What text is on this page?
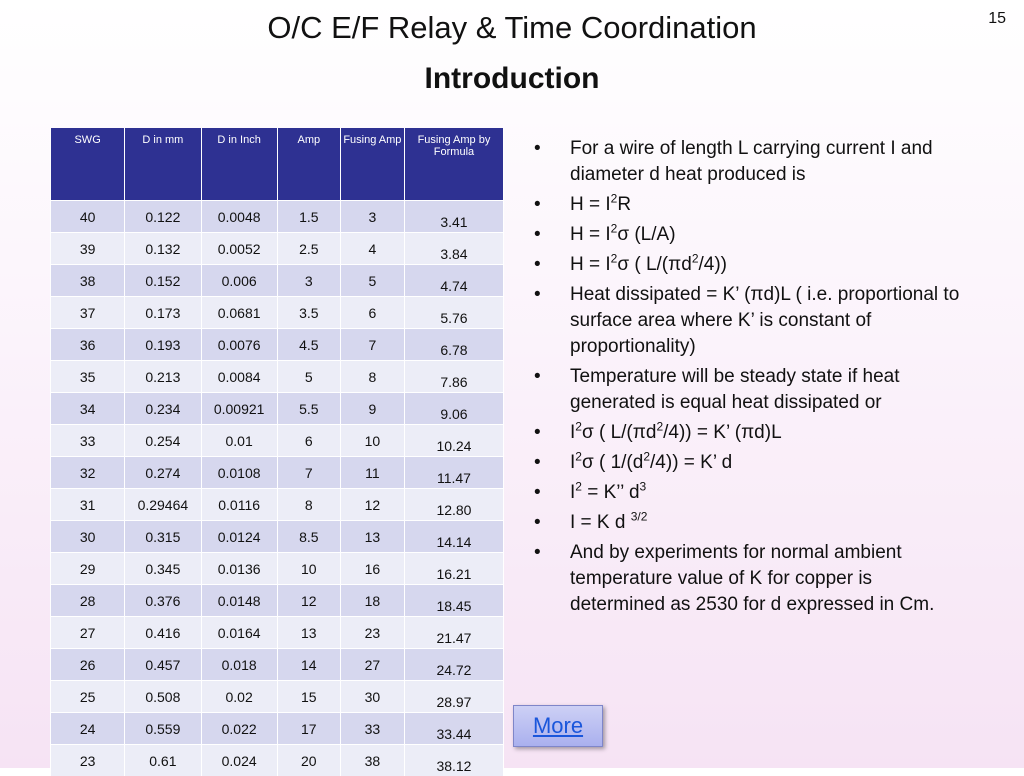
15
O/C E/F Relay & Time Coordination
Introduction
SWG	D in mm	D in Inch	Amp	Fusing Amp	Fusing Amp by Formula
40	0.122	0.0048	1.5	3	3.41
39	0.132	0.0052	2.5	4	3.84
38	0.152	0.006	3	5	4.74
37	0.173	0.0681	3.5	6	5.76
36	0.193	0.0076	4.5	7	6.78
35	0.213	0.0084	5	8	7.86
34	0.234	0.00921	5.5	9	9.06
33	0.254	0.01	6	10	10.24
32	0.274	0.0108	7	11	11.47
31	0.29464	0.0116	8	12	12.80
30	0.315	0.0124	8.5	13	14.14
29	0.345	0.0136	10	16	16.21
28	0.376	0.0148	12	18	18.45
27	0.416	0.0164	13	23	21.47
26	0.457	0.018	14	27	24.72
25	0.508	0.02	15	30	28.97
24	0.559	0.022	17	33	33.44
23	0.61	0.024	20	38	38.12
• For a wire of length L carrying current I and diameter d heat produced is
• $H = I^2R$
• $H = I^2\sigma$ (L/A)
• $H = I^2\sigma$ ( $L/(\pi d^2/4)$)
• Heat dissipated = K’ (πd)L ( i.e. proportional to surface area where K’ is constant of proportionality)
• Temperature will be steady state if heat generated is equal heat dissipated or
• $I^2\sigma$ ( $L/(\pi d^2/4)) = K$’ (πd)L
• $I^2\sigma$ ( $1/(d^2/4)) = K$’ d
• $I^2 = K$’’ $d^3$
• I = K d $^{3/2}$
• And by experiments for normal ambient temperature value of K for copper is determined as 2530 for d expressed in Cm.
More
